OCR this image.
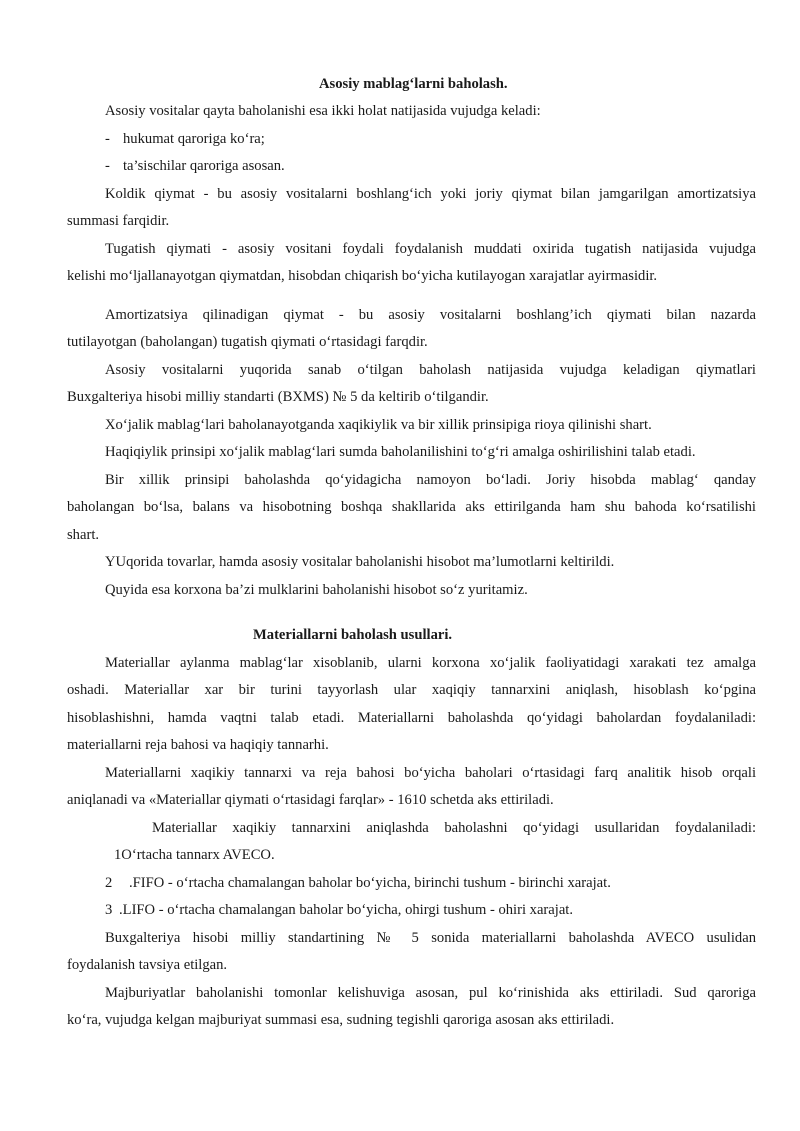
Asosiy mablag‘larni baholash.
Asosiy vositalar qayta baholanishi esa ikki holat natijasida vujudga keladi:
- hukumat qaroriga ko‘ra;
- ta’sischilar qaroriga asosan.
Koldik qiymat - bu asosiy vositalarni boshlang‘ich yoki joriy qiymat bilan jamgarilgan amortizatsiya
summasi farqidir.
Tugatish qiymati - asosiy vositani foydali foydalanish muddati oxirida tugatish natijasida vujudga
kelishi mo‘ljallanayotgan qiymatdan, hisobdan chiqarish bo‘yicha kutilayogan xarajatlar ayirmasidir.
Amortizatsiya qilinadigan qiymat - bu asosiy vositalarni boshlang’ich qiymati bilan nazarda
tutilayotgan (baholangan) tugatish qiymati o‘rtasidagi farqdir.
Asosiy vositalarni yuqorida sanab o‘tilgan baholash natijasida vujudga keladigan qiymatlari
Buxgalteriya hisobi milliy standarti (BXMS) № 5 da keltirib o‘tilgandir.
Xo‘jalik mablag‘lari baholanayotganda xaqikiylik va bir xillik prinsipiga rioya qilinishi shart.
Haqiqiylik prinsipi xo‘jalik mablag‘lari sumda baholanilishini to‘g‘ri amalga oshirilishini talab etadi.
Bir xillik prinsipi baholashda qo‘yidagicha namoyon bo‘ladi. Joriy hisobda mablag‘ qanday
baholangan bo‘lsa, balans va hisobotning boshqa shakllarida aks ettirilganda ham shu bahoda ko‘rsatilishi
shart.
YUqorida tovarlar, hamda asosiy vositalar baholanishi hisobot ma’lumotlarni keltirildi.
Quyida esa korxona ba’zi mulklarini baholanishi hisobot so‘z yuritamiz.
Materiallarni baholash usullari.
Materiallar aylanma mablag‘lar xisoblanib, ularni korxona xo‘jalik faoliyatidagi xarakati tez amalga
oshadi. Materiallar xar bir turini tayyorlash ular xaqiqiy tannarxini aniqlash, hisoblash ko‘pgina
hisoblashishni, hamda vaqtni talab etadi. Materiallarni baholashda qo‘yidagi baholardan foydalaniladi:
materiallarni reja bahosi va haqiqiy tannarhi.
Materiallarni xaqikiy tannarxi va reja bahosi bo‘yicha baholari o‘rtasidagi farq analitik hisob orqali
aniqlanadi va «Materiallar qiymati o‘rtasidagi farqlar» - 1610 schetda aks ettiriladi.
Materiallar xaqikiy tannarxini aniqlashda baholashni qo‘yidagi usullaridan foydalaniladi:
1O‘rtacha tannarx AVECO.
2 .FIFO - o‘rtacha chamalangan baholar bo‘yicha, birinchi tushum - birinchi xarajat.
3 .LIFO - o‘rtacha chamalangan baholar bo‘yicha, ohirgi tushum - ohiri xarajat.
Buxgalteriya hisobi milliy standartining № 5 sonida materiallarni baholashda AVECO usulidan
foydalanish tavsiya etilgan.
Majburiyatlar baholanishi tomonlar kelishuviga asosan, pul ko‘rinishida aks ettiriladi. Sud qaroriga
ko‘ra, vujudga kelgan majburiyat summasi esa, sudning tegishli qaroriga asosan aks ettiriladi.
